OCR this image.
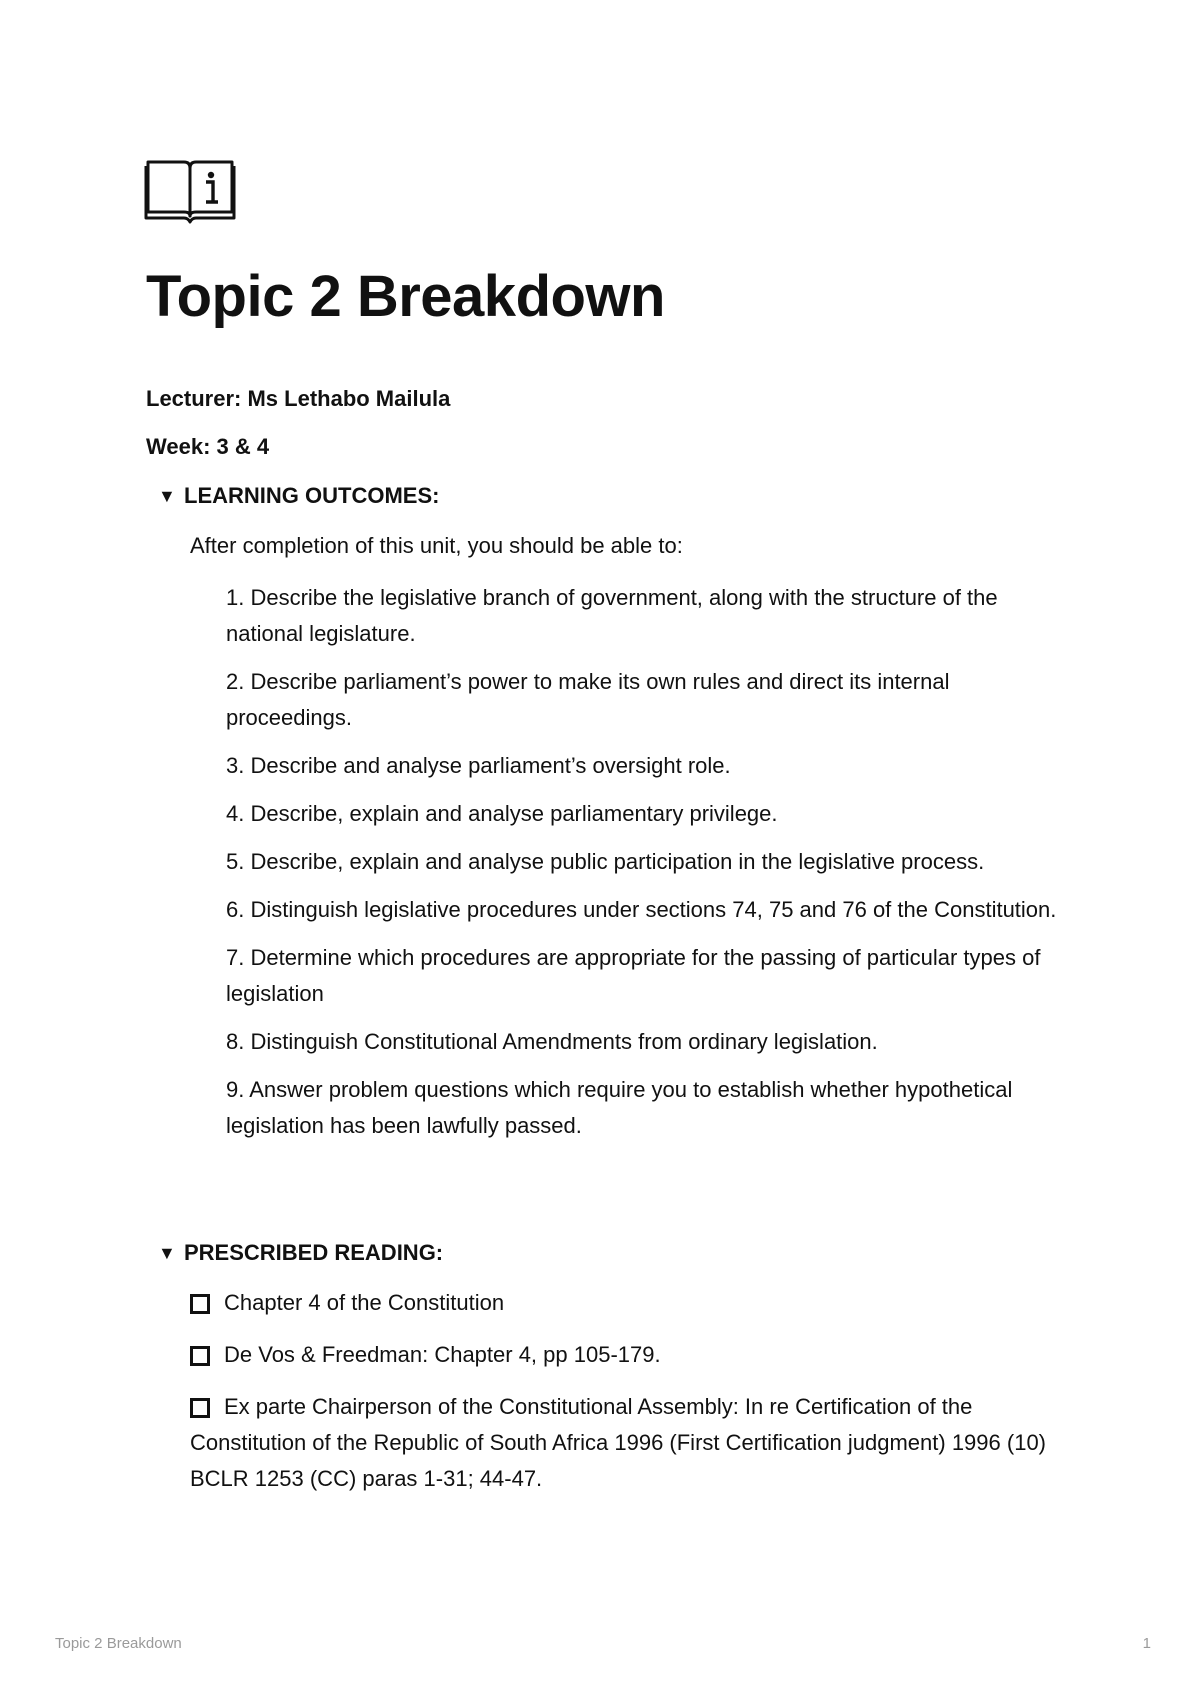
Topic 2 Breakdown
Lecturer: Ms Lethabo Mailula
Week: 3 & 4
▼ LEARNING OUTCOMES:
After completion of this unit, you should be able to:
1. Describe the legislative branch of government, along with the structure of the national legislature.
2. Describe parliament’s power to make its own rules and direct its internal proceedings.
3. Describe and analyse parliament’s oversight role.
4. Describe, explain and analyse parliamentary privilege.
5. Describe, explain and analyse public participation in the legislative process.
6. Distinguish legislative procedures under sections 74, 75 and 76 of the Constitution.
7. Determine which procedures are appropriate for the passing of particular types of legislation
8. Distinguish Constitutional Amendments from ordinary legislation.
9. Answer problem questions which require you to establish whether hypothetical legislation has been lawfully passed.
▼ PRESCRIBED READING:
Chapter 4 of the Constitution
De Vos & Freedman: Chapter 4, pp 105-179.
Ex parte Chairperson of the Constitutional Assembly: In re Certification of the Constitution of the Republic of South Africa 1996 (First Certification judgment) 1996 (10) BCLR 1253 (CC) paras 1-31; 44-47.
Topic 2 Breakdown	1
